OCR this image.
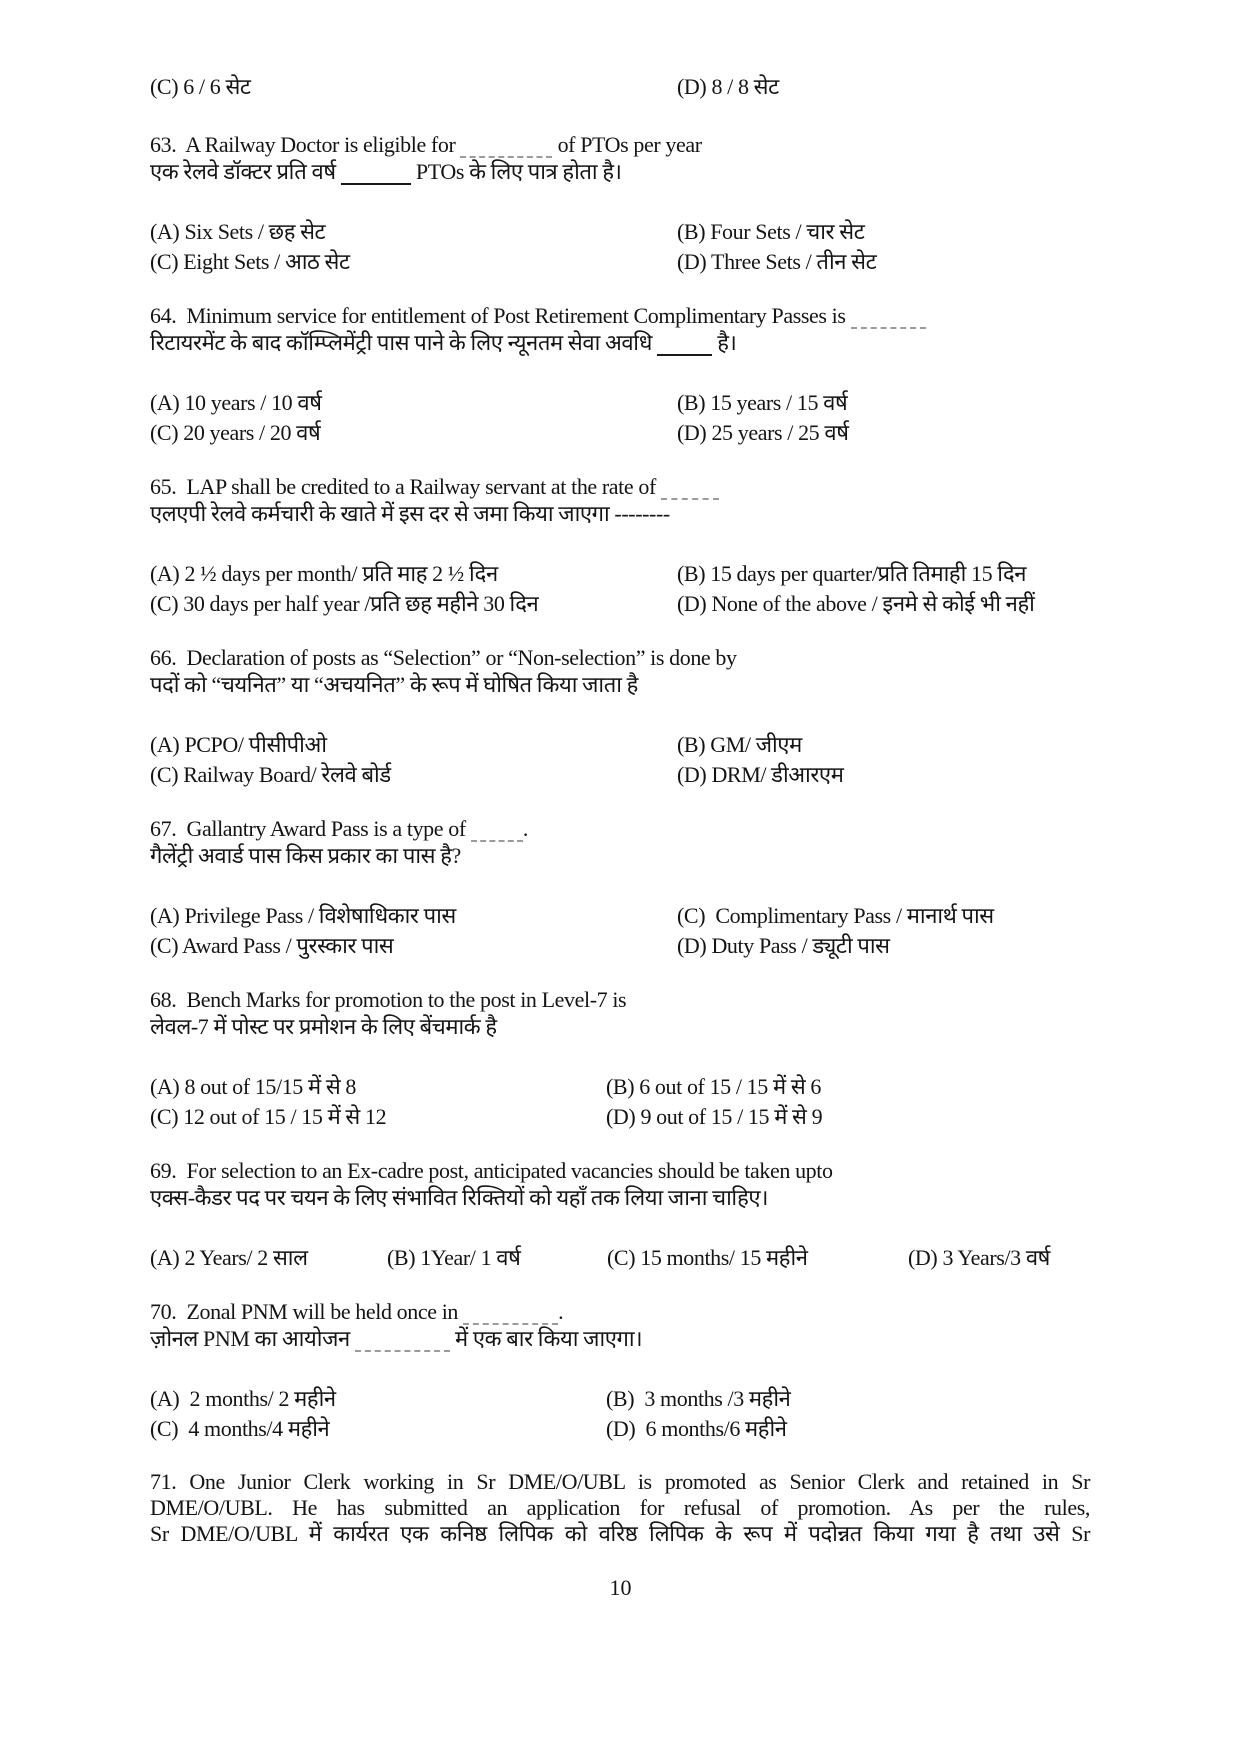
(C) 6 / 6 सेट	(D) 8 / 8 सेट
63.  A Railway Doctor is eligible for	of PTOs per year
एक रेलवे डॉक्टर प्रति वर्ष	PTOs के लिए पात्र होता है।
(A) Six Sets / छह सेट	(B) Four Sets / चार सेट
(C) Eight Sets / आठ सेट	(D) Three Sets / तीन सेट
64.  Minimum service for entitlement of Post Retirement Complimentary Passes is
रिटायरमेंट के बाद कॉम्प्लिमेंट्री पास पाने के लिए न्यूनतम सेवा अवधि	है।
(A) 10 years / 10 वर्ष	(B) 15 years / 15 वर्ष
(C) 20 years / 20 वर्ष	(D) 25 years / 25 वर्ष
65.  LAP shall be credited to a Railway servant at the rate of
एलएपी रेलवे कर्मचारी के खाते में इस दर से जमा किया जाएगा --------
(A) 2 ½ days per month/ प्रति माह 2 ½ दिन	(B) 15 days per quarter/प्रति तिमाही 15 दिन
(C) 30 days per half year /प्रति छह महीने 30 दिन	(D) None of the above / इनमे से कोई भी नहीं
66.  Declaration of posts as “Selection” or “Non-selection” is done by
पदों को “चयनित” या “अचयनित” के रूप में घोषित किया जाता है
(A) PCPO/ पीसीपीओ	(B) GM/ जीएम
(C) Railway Board/ रेलवे बोर्ड	(D) DRM/ डीआरएम
67.  Gallantry Award Pass is a type of .
गैलेंट्री अवार्ड पास किस प्रकार का पास है?
(A) Privilege Pass / विशेषाधिकार पास	(C)  Complimentary Pass / मानार्थ पास
(C) Award Pass / पुरस्कार पास	(D) Duty Pass / ड्यूटी पास
68.  Bench Marks for promotion to the post in Level-7 is
लेवल-7 में पोस्ट पर प्रमोशन के लिए बेंचमार्क है
(A) 8 out of 15/15 में से 8	(B) 6 out of 15 / 15 में से 6
(C) 12 out of 15 / 15 में से 12	(D) 9 out of 15 / 15 में से 9
69.  For selection to an Ex-cadre post, anticipated vacancies should be taken upto
एक्स-कैडर पद पर चयन के लिए संभावित रिक्तियों को यहाँ तक लिया जाना चाहिए।
(A) 2 Years/ 2 साल	(B) 1Year/ 1 वर्ष	(C) 15 months/ 15 महीने	(D) 3 Years/3 वर्ष
70.  Zonal PNM will be held once in	.
ज़ोनल PNM का आयोजन	में एक बार किया जाएगा।
(A)  2 months/ 2 महीने	(B)  3 months /3 महीने
(C)  4 months/4 महीने	(D)  6 months/6 महीने
71. One Junior Clerk working in Sr DME/O/UBL is promoted as Senior Clerk and retained in Sr
DME/O/UBL. He has submitted an application for refusal of promotion. As per the rules,
Sr DME/O/UBL में कार्यरत एक कनिष्ठ लिपिक को वरिष्ठ लिपिक के रूप में पदोन्नत किया गया है तथा उसे Sr
10
